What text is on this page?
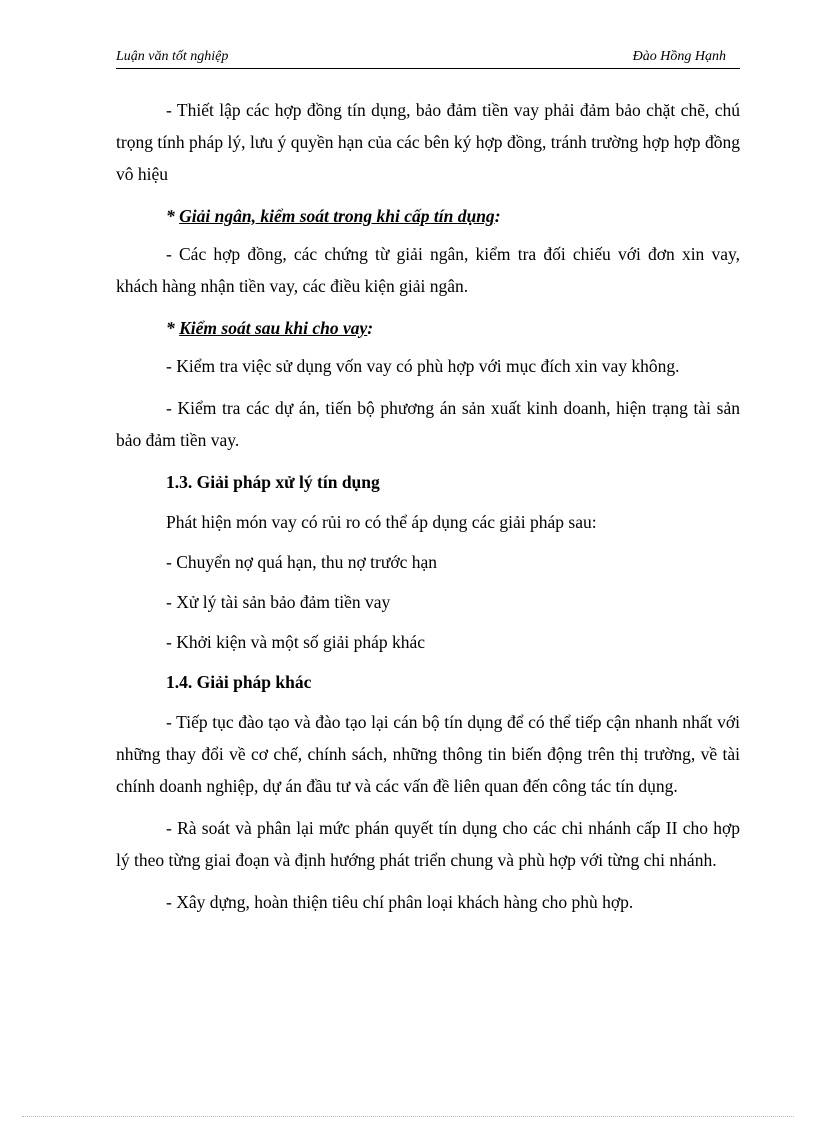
Luận văn tốt nghiệp	Đào Hồng Hạnh

- Thiết lập các hợp đồng tín dụng, bảo đảm tiền vay phải đảm bảo chặt chẽ, chú trọng tính pháp lý, lưu ý quyền hạn của các bên ký hợp đồng, tránh trường hợp hợp đồng vô hiệu

* Giải ngân, kiểm soát trong khi cấp tín dụng:

- Các hợp đồng, các chứng từ giải ngân, kiểm tra đối chiếu với đơn xin vay, khách hàng nhận tiền vay, các điều kiện giải ngân.

* Kiểm soát sau khi cho vay:

- Kiểm tra việc sử dụng vốn vay có phù hợp với mục đích xin vay không.

- Kiểm tra các dự án, tiến bộ phương án sản xuất kinh doanh, hiện trạng tài sản bảo đảm tiền vay.

1.3. Giải pháp xử lý tín dụng
Phát hiện món vay có rủi ro có thể áp dụng các giải pháp sau:
- Chuyển nợ quá hạn, thu nợ trước hạn
- Xử lý tài sản bảo đảm tiền vay
- Khởi kiện và một số giải pháp khác
1.4. Giải pháp khác

- Tiếp tục đào tạo và đào tạo lại cán bộ tín dụng để có thể tiếp cận nhanh nhất với những thay đổi về cơ chế, chính sách, những thông tin biến động trên thị trường, về tài chính doanh nghiệp, dự án đầu tư và các vấn đề liên quan đến công tác tín dụng.

- Rà soát và phân lại mức phán quyết tín dụng cho các chi nhánh cấp II cho hợp lý theo từng giai đoạn và định hướng phát triển chung và phù hợp với từng chi nhánh.

- Xây dựng, hoàn thiện tiêu chí phân loại khách hàng cho phù hợp.
